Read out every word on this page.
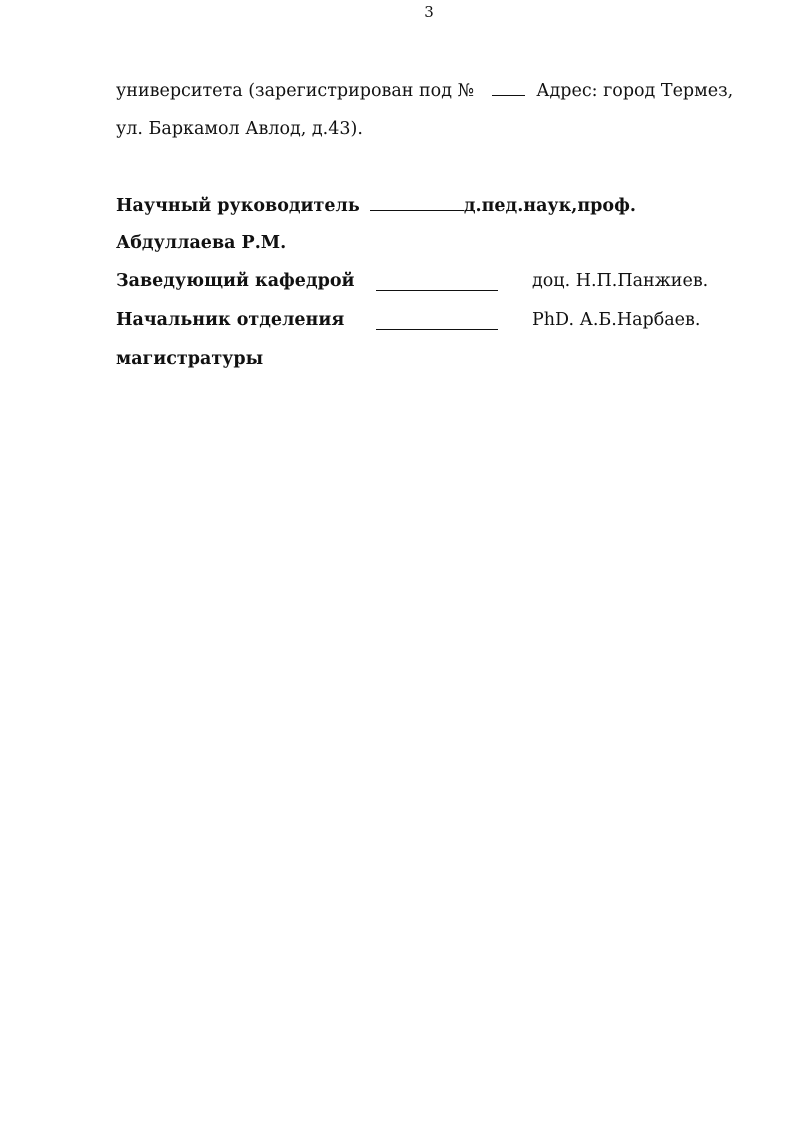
3
университета (зарегистрирован под №	Адрес: город Термез,
ул. Баркамол Авлод, д.43).
Научный руководитель	д.пед.наук,проф.
Абдуллаева Р.М.
Заведующий кафедрой	доц. Н.П.Панжиев.
Начальник отделения	PhD. А.Б.Нарбаев.
магистратуры
